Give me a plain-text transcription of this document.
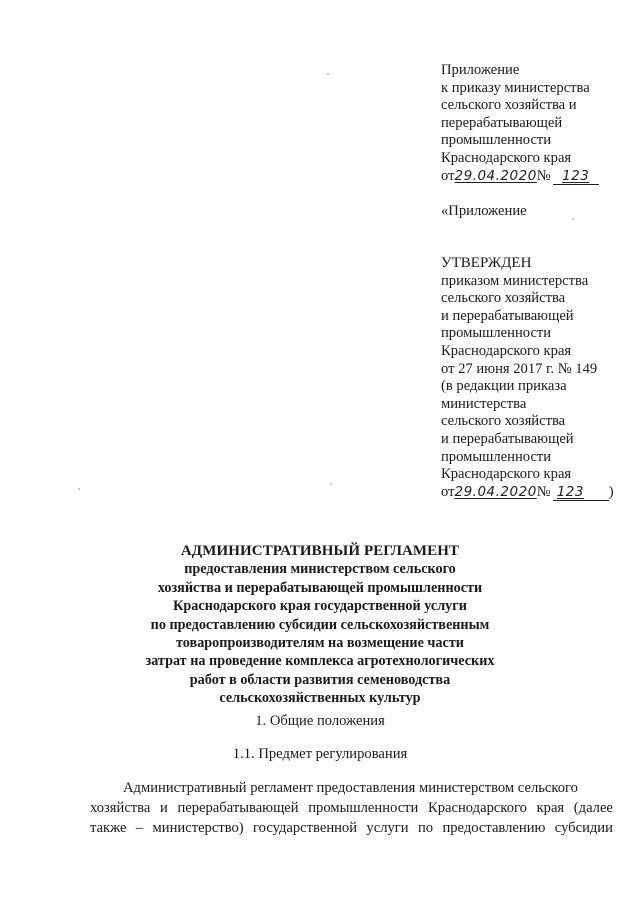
Приложение
к приказу министерства
сельского хозяйства и
перерабатывающей
промышленности
Краснодарского края
от29.04.2020№ 123
«Приложение
УТВЕРЖДЕН
приказом министерства
сельского хозяйства
и перерабатывающей
промышленности
Краснодарского края
от 27 июня 2017 г. № 149
(в редакции приказа
министерства
сельского хозяйства
и перерабатывающей
промышленности
Краснодарского края
от29.04.2020№ 123 )
АДМИНИСТРАТИВНЫЙ РЕГЛАМЕНТ
предоставления министерством сельского
хозяйства и перерабатывающей промышленности
Краснодарского края государственной услуги
по предоставлению субсидии сельскохозяйственным
товаропроизводителям на возмещение части
затрат на проведение комплекса агротехнологических
работ в области развития семеноводства
сельскохозяйственных культур
1. Общие положения
1.1. Предмет регулирования
Административный регламент предоставления министерством сельского
хозяйства и перерабатывающей промышленности Краснодарского края (далее
также – министерство) государственной услуги по предоставлению субсидии
